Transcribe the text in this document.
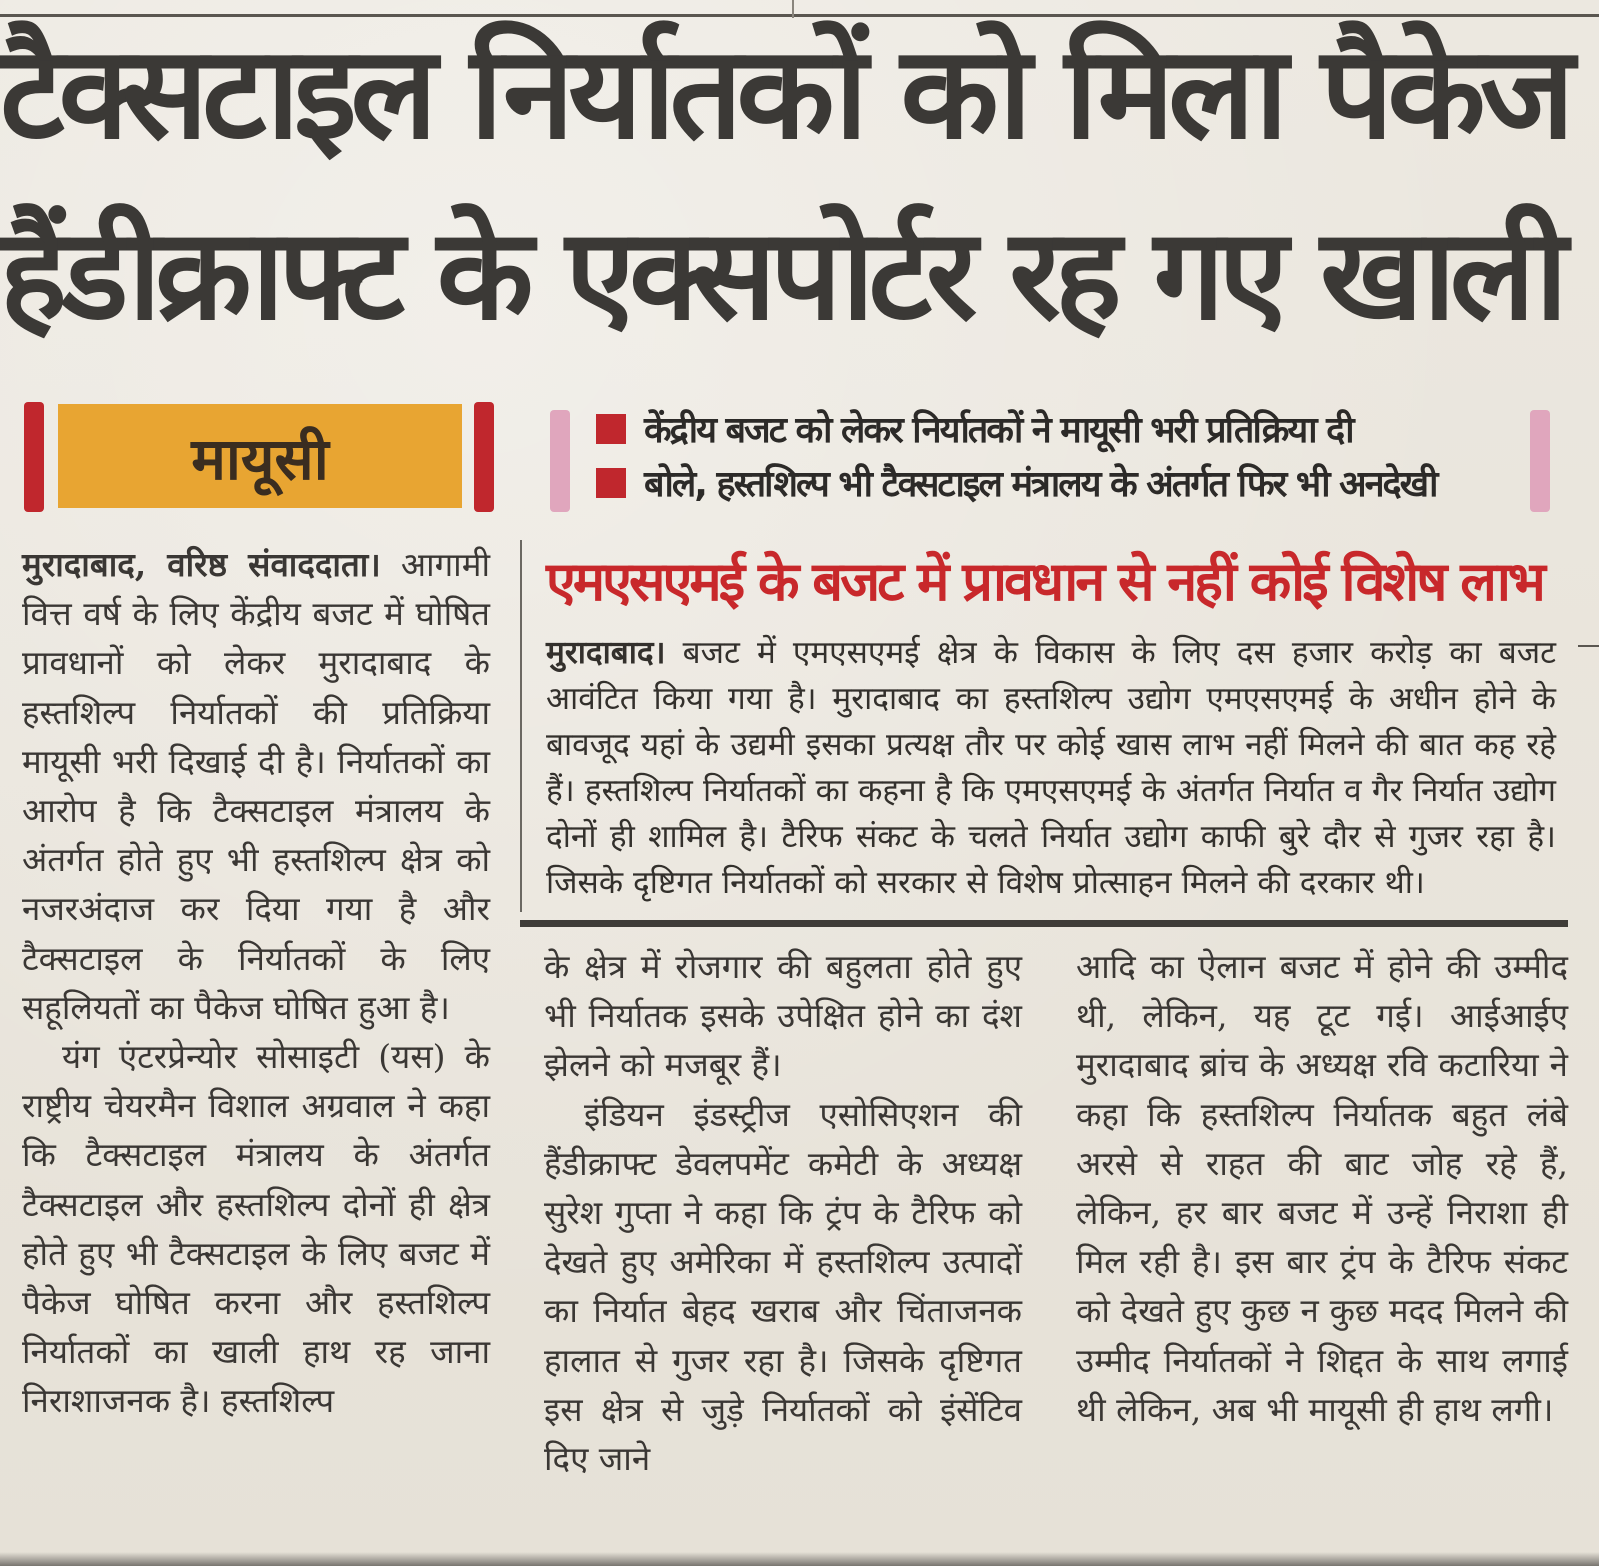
टैक्सटाइल निर्यातकों को मिला पैकेज
हैंडीक्राफ्ट के एक्सपोर्टर रह गए खाली
मायूसी	केंद्रीय बजट को लेकर निर्यातकों ने मायूसी भरी प्रतिक्रिया दी
बोले, हस्तशिल्प भी टैक्सटाइल मंत्रालय के अंतर्गत फिर भी अनदेखी

मुरादाबाद, वरिष्ठ संवाददाता। आगामी वित्त वर्ष के लिए केंद्रीय बजट में घोषित प्रावधानों को लेकर मुरादाबाद के हस्तशिल्प निर्यातकों की प्रतिक्रिया मायूसी भरी दिखाई दी है। निर्यातकों का आरोप है कि टैक्सटाइल मंत्रालय के अंतर्गत होते हुए भी हस्तशिल्प क्षेत्र को नजरअंदाज कर दिया गया है और टैक्सटाइल के निर्यातकों के लिए सहूलियतों का पैकेज घोषित हुआ है।

यंग एंटरप्रेन्योर सोसाइटी (यस) के राष्ट्रीय चेयरमैन विशाल अग्रवाल ने कहा कि टैक्सटाइल मंत्रालय के अंतर्गत टैक्सटाइल और हस्तशिल्प दोनों ही क्षेत्र होते हुए भी टैक्सटाइल के लिए बजट में पैकेज घोषित करना और हस्तशिल्प निर्यातकों का खाली हाथ रह जाना निराशाजनक है। हस्तशिल्प

एमएसएमई के बजट में प्रावधान से नहीं कोई विशेष लाभ

मुरादाबाद। बजट में एमएसएमई क्षेत्र के विकास के लिए दस हजार करोड़ का बजट आवंटित किया गया है। मुरादाबाद का हस्तशिल्प उद्योग एमएसएमई के अधीन होने के बावजूद यहां के उद्यमी इसका प्रत्यक्ष तौर पर कोई खास लाभ नहीं मिलने की बात कह रहे हैं। हस्तशिल्प निर्यातकों का कहना है कि एमएसएमई के अंतर्गत निर्यात व गैर निर्यात उद्योग दोनों ही शामिल है। टैरिफ संकट के चलते निर्यात उद्योग काफी बुरे दौर से गुजर रहा है। जिसके दृष्टिगत निर्यातकों को सरकार से विशेष प्रोत्साहन मिलने की दरकार थी।

के क्षेत्र में रोजगार की बहुलता होते हुए भी निर्यातक इसके उपेक्षित होने का दंश झेलने को मजबूर हैं।

इंडियन इंडस्ट्रीज एसोसिएशन की हैंडीक्राफ्ट डेवलपमेंट कमेटी के अध्यक्ष सुरेश गुप्ता ने कहा कि ट्रंप के टैरिफ को देखते हुए अमेरिका में हस्तशिल्प उत्पादों का निर्यात बेहद खराब और चिंताजनक हालात से गुजर रहा है। जिसके दृष्टिगत इस क्षेत्र से जुड़े निर्यातकों को इंसेंटिव दिए जाने

आदि का ऐलान बजट में होने की उम्मीद थी, लेकिन, यह टूट गई। आईआईए मुरादाबाद ब्रांच के अध्यक्ष रवि कटारिया ने कहा कि हस्तशिल्प निर्यातक बहुत लंबे अरसे से राहत की बाट जोह रहे हैं, लेकिन, हर बार बजट में उन्हें निराशा ही मिल रही है। इस बार ट्रंप के टैरिफ संकट को देखते हुए कुछ न कुछ मदद मिलने की उम्मीद निर्यातकों ने शिद्दत के साथ लगाई थी लेकिन, अब भी मायूसी ही हाथ लगी।
